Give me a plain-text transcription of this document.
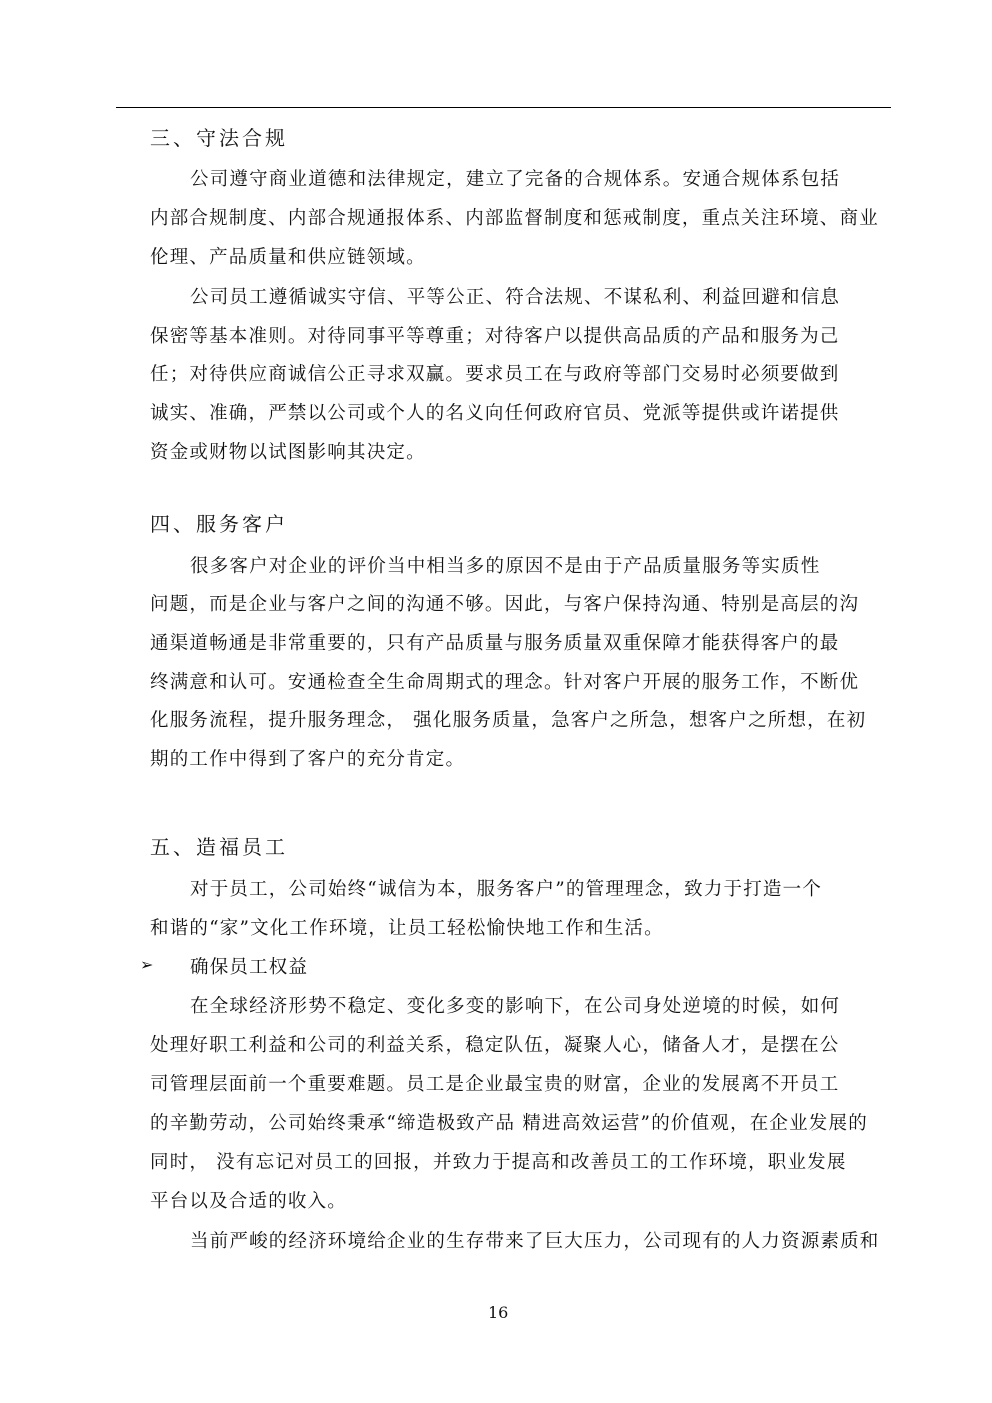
三、守法合规
公司遵守商业道德和法律规定，建立了完备的合规体系。安通合规体系包括
内部合规制度、内部合规通报体系、内部监督制度和惩戒制度，重点关注环境、商业
伦理、产品质量和供应链领域。
公司员工遵循诚实守信、平等公正、符合法规、不谋私利、利益回避和信息
保密等基本准则。对待同事平等尊重；对待客户以提供高品质的产品和服务为己
任；对待供应商诚信公正寻求双赢。要求员工在与政府等部门交易时必须要做到
诚实、准确，严禁以公司或个人的名义向任何政府官员、党派等提供或许诺提供
资金或财物以试图影响其决定。
四、服务客户
很多客户对企业的评价当中相当多的原因不是由于产品质量服务等实质性
问题，而是企业与客户之间的沟通不够。因此，与客户保持沟通、特别是高层的沟
通渠道畅通是非常重要的，只有产品质量与服务质量双重保障才能获得客户的最
终满意和认可。安通检查全生命周期式的理念。针对客户开展的服务工作，不断优
化服务流程，提升服务理念， 强化服务质量，急客户之所急，想客户之所想，在初
期的工作中得到了客户的充分肯定。
五、造福员工
对于员工，公司始终“诚信为本，服务客户”的管理理念，致力于打造一个
和谐的“家”文化工作环境，让员工轻松愉快地工作和生活。
➢ 确保员工权益
在全球经济形势不稳定、变化多变的影响下，在公司身处逆境的时候，如何
处理好职工利益和公司的利益关系，稳定队伍，凝聚人心，储备人才，是摆在公
司管理层面前一个重要难题。员工是企业最宝贵的财富，企业的发展离不开员工
的辛勤劳动，公司始终秉承“缔造极致产品 精进高效运营”的价值观，在企业发展的
同时， 没有忘记对员工的回报，并致力于提高和改善员工的工作环境，职业发展
平台以及合适的收入。
当前严峻的经济环境给企业的生存带来了巨大压力，公司现有的人力资源素质和
16
